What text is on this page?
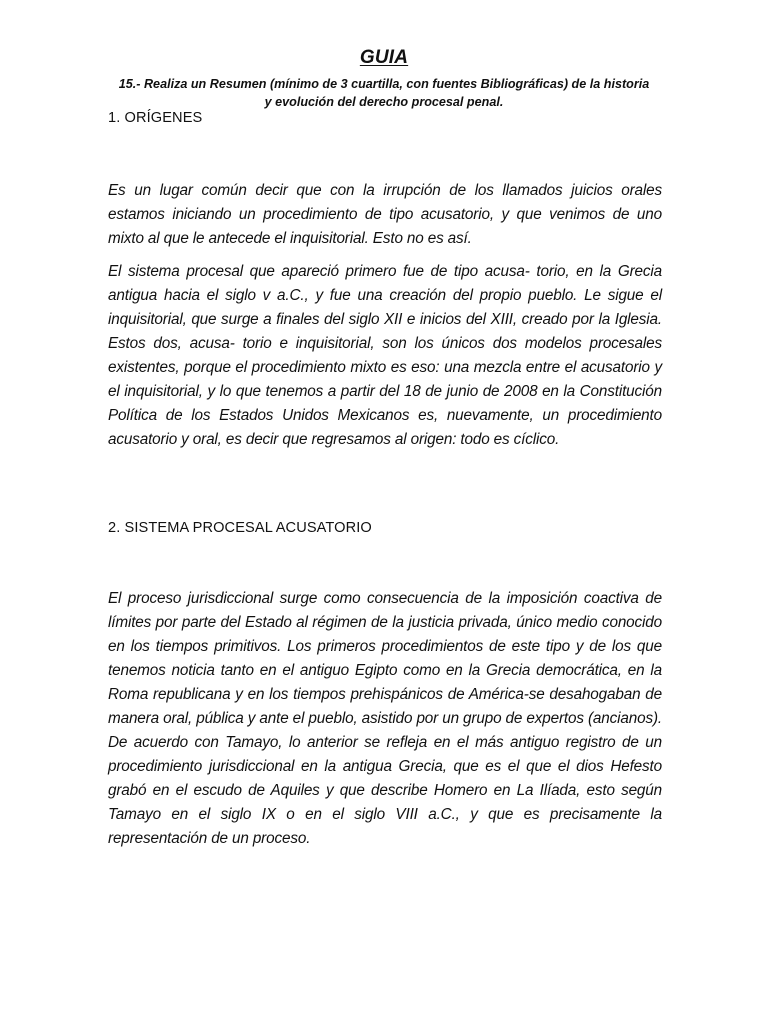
GUIA
15.- Realiza un Resumen (mínimo de 3 cuartilla, con fuentes Bibliográficas) de la historia y evolución del derecho procesal penal.
1. ORÍGENES
Es un lugar común decir que con la irrupción de los llamados juicios orales estamos iniciando un procedimiento de tipo acusatorio, y que venimos de uno mixto al que le antecede el inquisitorial. Esto no es así.
El sistema procesal que apareció primero fue de tipo acusa- torio, en la Grecia antigua hacia el siglo v a.C., y fue una creación del propio pueblo. Le sigue el inquisitorial, que surge a finales del siglo XII e inicios del XIII, creado por la Iglesia. Estos dos, acusa- torio e inquisitorial, son los únicos dos modelos procesales existentes, porque el procedimiento mixto es eso: una mezcla entre el acusatorio y el inquisitorial, y lo que tenemos a partir del 18 de junio de 2008 en la Constitución Política de los Estados Unidos Mexicanos es, nuevamente, un procedimiento acusatorio y oral, es decir que regresamos al origen: todo es cíclico.
2. SISTEMA PROCESAL ACUSATORIO
El proceso jurisdiccional surge como consecuencia de la imposición coactiva de límites por parte del Estado al régimen de la justicia privada, único medio conocido en los tiempos primitivos. Los primeros procedimientos de este tipo y de los que tenemos noticia tanto en el antiguo Egipto como en la Grecia democrática, en la Roma republicana y en los tiempos prehispánicos de América-se desahogaban de manera oral, pública y ante el pueblo, asistido por un grupo de expertos (ancianos). De acuerdo con Tamayo, lo anterior se refleja en el más antiguo registro de un procedimiento jurisdiccional en la antigua Grecia, que es el que el dios Hefesto grabó en el escudo de Aquiles y que describe Homero en La Ilíada, esto según Tamayo en el siglo IX o en el siglo VIII a.C., y que es precisamente la representación de un proceso.
